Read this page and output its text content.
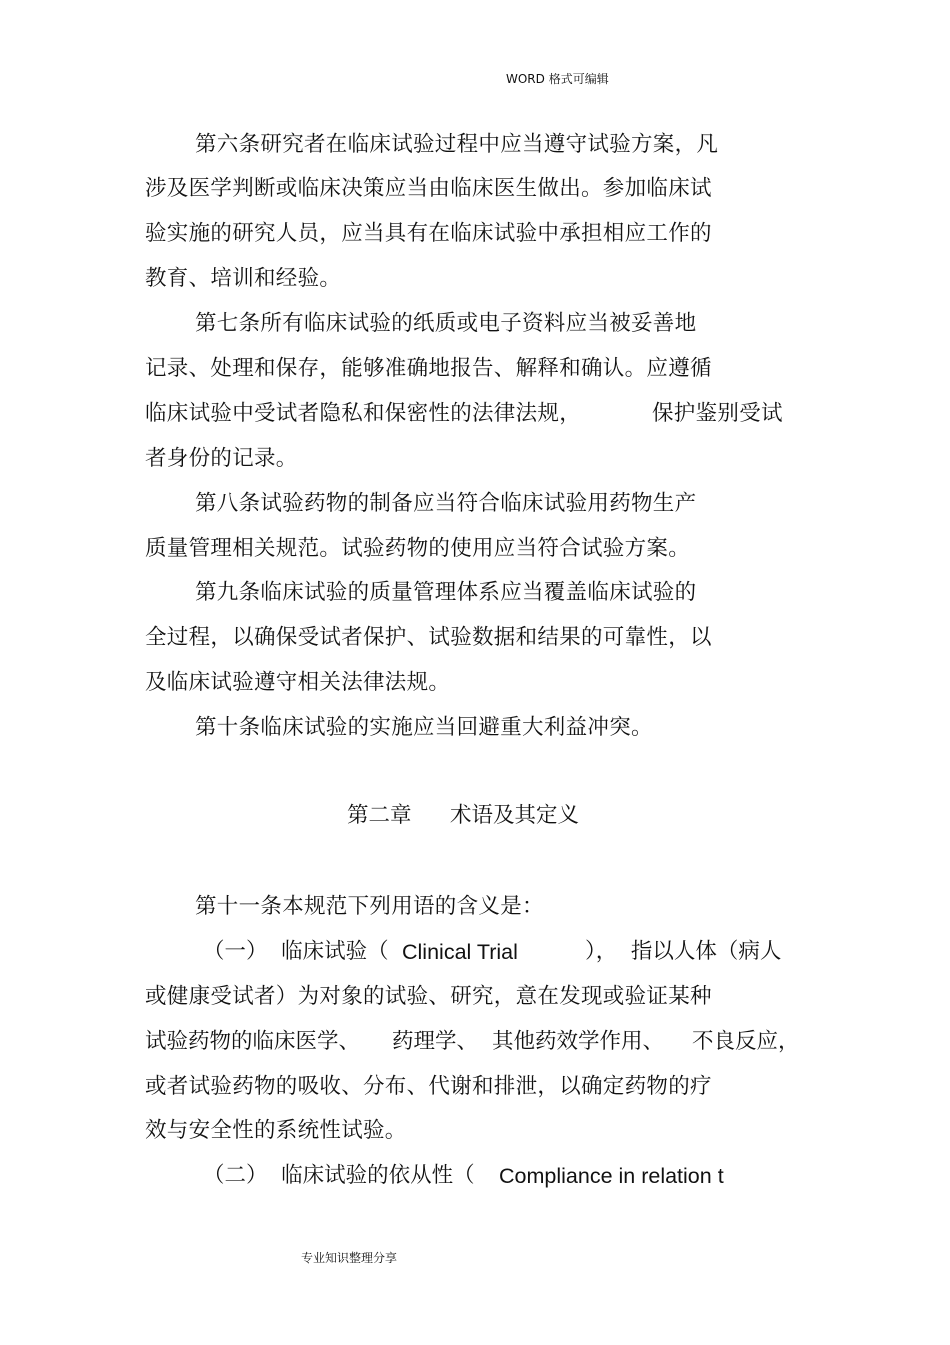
WORD 格式可编辑
第六条研究者在临床试验过程中应当遵守试验方案，凡
涉及医学判断或临床决策应当由临床医生做出。参加临床试
验实施的研究人员，应当具有在临床试验中承担相应工作的
教育、培训和经验。
第七条所有临床试验的纸质或电子资料应当被妥善地
记录、处理和保存，能够准确地报告、解释和确认。应遵循
临床试验中受试者隐私和保密性的法律法规，	保护鉴别受试
者身份的记录。
第八条试验药物的制备应当符合临床试验用药物生产
质量管理相关规范。试验药物的使用应当符合试验方案。
第九条临床试验的质量管理体系应当覆盖临床试验的
全过程，以确保受试者保护、试验数据和结果的可靠性，以
及临床试验遵守相关法律法规。
第十条临床试验的实施应当回避重大利益冲突。
第二章 术语及其定义
第十一条本规范下列用语的含义是：
（一）  临床试验（ Clinical Trial	），  指以人体（病人
或健康受试者）为对象的试验、研究，意在发现或验证某种
试验药物的临床医学、 药理学、 其他药效学作用、 不良反应，
或者试验药物的吸收、分布、代谢和排泄，以确定药物的疗
效与安全性的系统性试验。
（二）  临床试验的依从性（ Compliance in relation t
专业知识整理分享
